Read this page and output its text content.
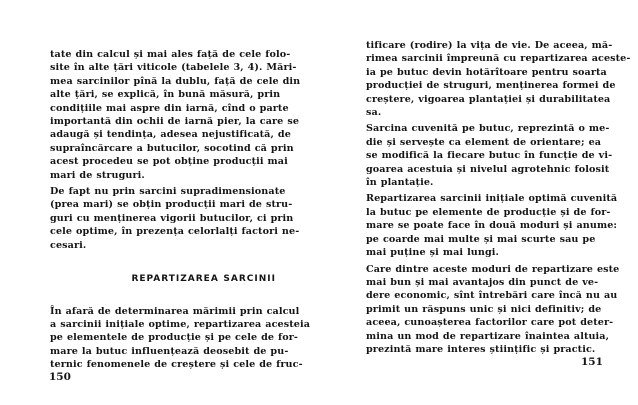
tate din calcul și mai ales față de cele folo-
site în alte țări viticole (tabelele 3, 4). Mări-
mea sarcinilor pînă la dublu, față de cele din
alte țări, se explică, în bună măsură, prin
condițiile mai aspre din iarnă, cînd o parte
importantă din ochii de iarnă pier, la care se
adaugă și tendința, adesea nejustificată, de
supraîncărcare a butucilor, socotind că prin
acest procedeu se pot obține producții mai
mari de struguri.
De fapt nu prin sarcini supradimensionate
(prea mari) se obțin producții mari de stru-
guri cu menținerea vigorii butucilor, ci prin
cele optime, în prezența celorlalți factori ne-
cesari.
REPARTIZAREA SARCINII
În afară de determinarea mărimii prin calcul
a sarcinii inițiale optime, repartizarea acesteia
pe elementele de producție și pe cele de for-
mare la butuc influențează deosebit de pu-
ternic fenomenele de creștere și cele de fruc-
150
tificare (rodire) la vița de vie. De aceea, mă-
rimea sarcinii împreună cu repartizarea aceste-
ia pe butuc devin hotărîtoare pentru soarta
producției de struguri, menținerea formei de
creștere, vigoarea plantației și durabilitatea
sa.
Sarcina cuvenită pe butuc, reprezintă o me-
die și servește ca element de orientare; ea
se modifică la fiecare butuc în funcție de vi-
goarea acestuia și nivelul agrotehnic folosit
în plantație.
Repartizarea sarcinii inițiale optimă cuvenită
la butuc pe elemente de producție și de for-
mare se poate face în două moduri și anume:
pe coarde mai multe și mai scurte sau pe
mai puține și mai lungi.
Care dintre aceste moduri de repartizare este
mai bun și mai avantajos din punct de ve-
dere economic, sînt întrebări care încă nu au
primit un răspuns unic și nici definitiv; de
aceea, cunoașterea factorilor care pot deter-
mina un mod de repartizare înaintea altuia,
prezintă mare interes științific și practic.
151
